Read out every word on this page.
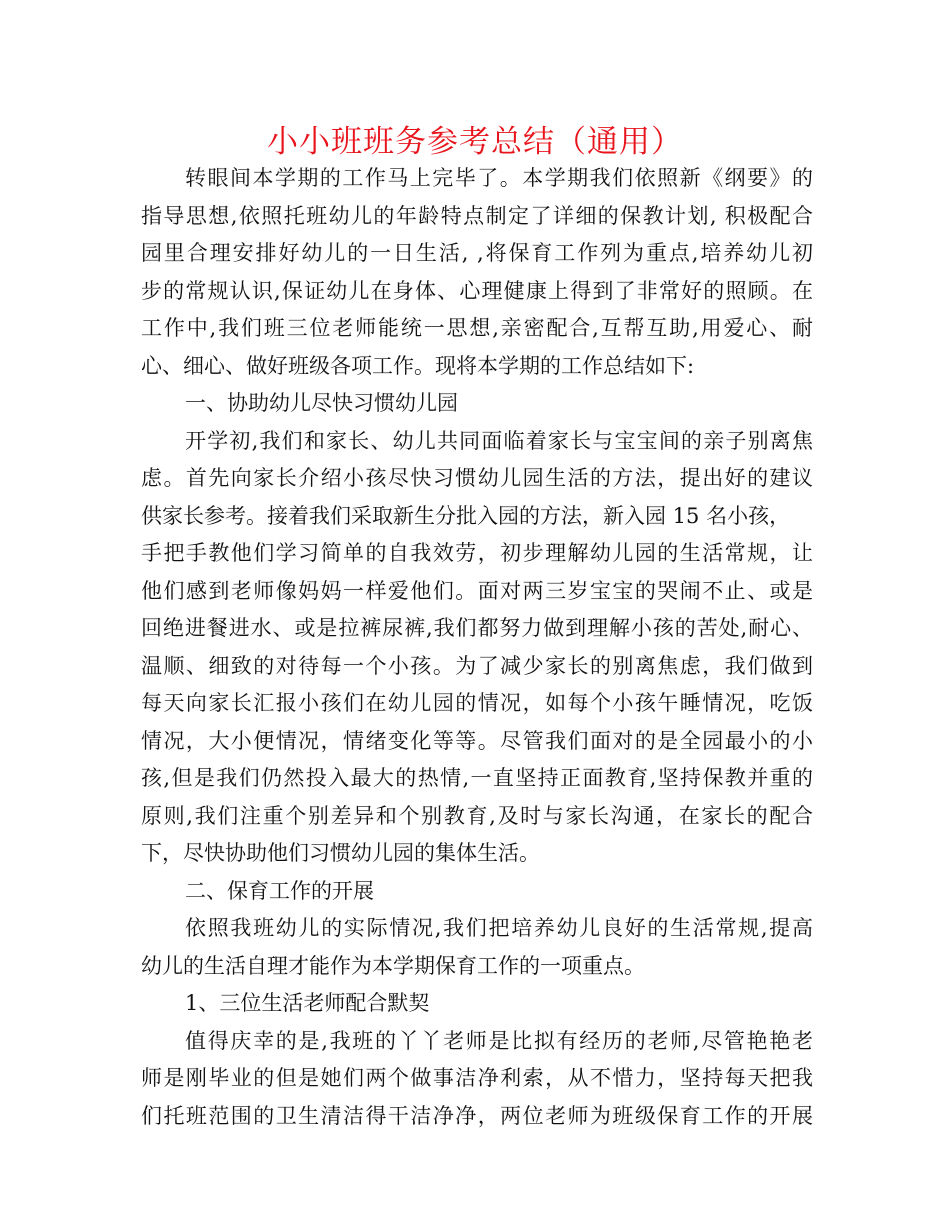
小小班班务参考总结（通用）
转眼间本学期的工作马上完毕了。本学期我们依照新《纲要》的
指导思想,依照托班幼儿的年龄特点制定了详细的保教计划, 积极配合
园里合理安排好幼儿的一日生活, ,将保育工作列为重点,培养幼儿初
步的常规认识,保证幼儿在身体、心理健康上得到了非常好的照顾。在
工作中,我们班三位老师能统一思想,亲密配合,互帮互助,用爱心、耐
心、细心、做好班级各项工作。现将本学期的工作总结如下:
一、协助幼儿尽快习惯幼儿园
开学初,我们和家长、幼儿共同面临着家长与宝宝间的亲子别离焦
虑。首先向家长介绍小孩尽快习惯幼儿园生活的方法，提出好的建议
供家长参考。接着我们采取新生分批入园的方法，新入园 15 名小孩，
手把手教他们学习简单的自我效劳，初步理解幼儿园的生活常规，让
他们感到老师像妈妈一样爱他们。面对两三岁宝宝的哭闹不止、或是
回绝进餐进水、或是拉裤尿裤,我们都努力做到理解小孩的苦处,耐心、
温顺、细致的对待每一个小孩。为了减少家长的别离焦虑，我们做到
每天向家长汇报小孩们在幼儿园的情况，如每个小孩午睡情况，吃饭
情况，大小便情况，情绪变化等等。尽管我们面对的是全园最小的小
孩,但是我们仍然投入最大的热情,一直坚持正面教育,坚持保教并重的
原则,我们注重个别差异和个别教育,及时与家长沟通，在家长的配合
下，尽快协助他们习惯幼儿园的集体生活。
二、保育工作的开展
依照我班幼儿的实际情况,我们把培养幼儿良好的生活常规,提高
幼儿的生活自理才能作为本学期保育工作的一项重点。
1、三位生活老师配合默契
值得庆幸的是,我班的丫丫老师是比拟有经历的老师,尽管艳艳老
师是刚毕业的但是她们两个做事洁净利索，从不惜力，坚持每天把我
们托班范围的卫生清洁得干洁净净，两位老师为班级保育工作的开展
